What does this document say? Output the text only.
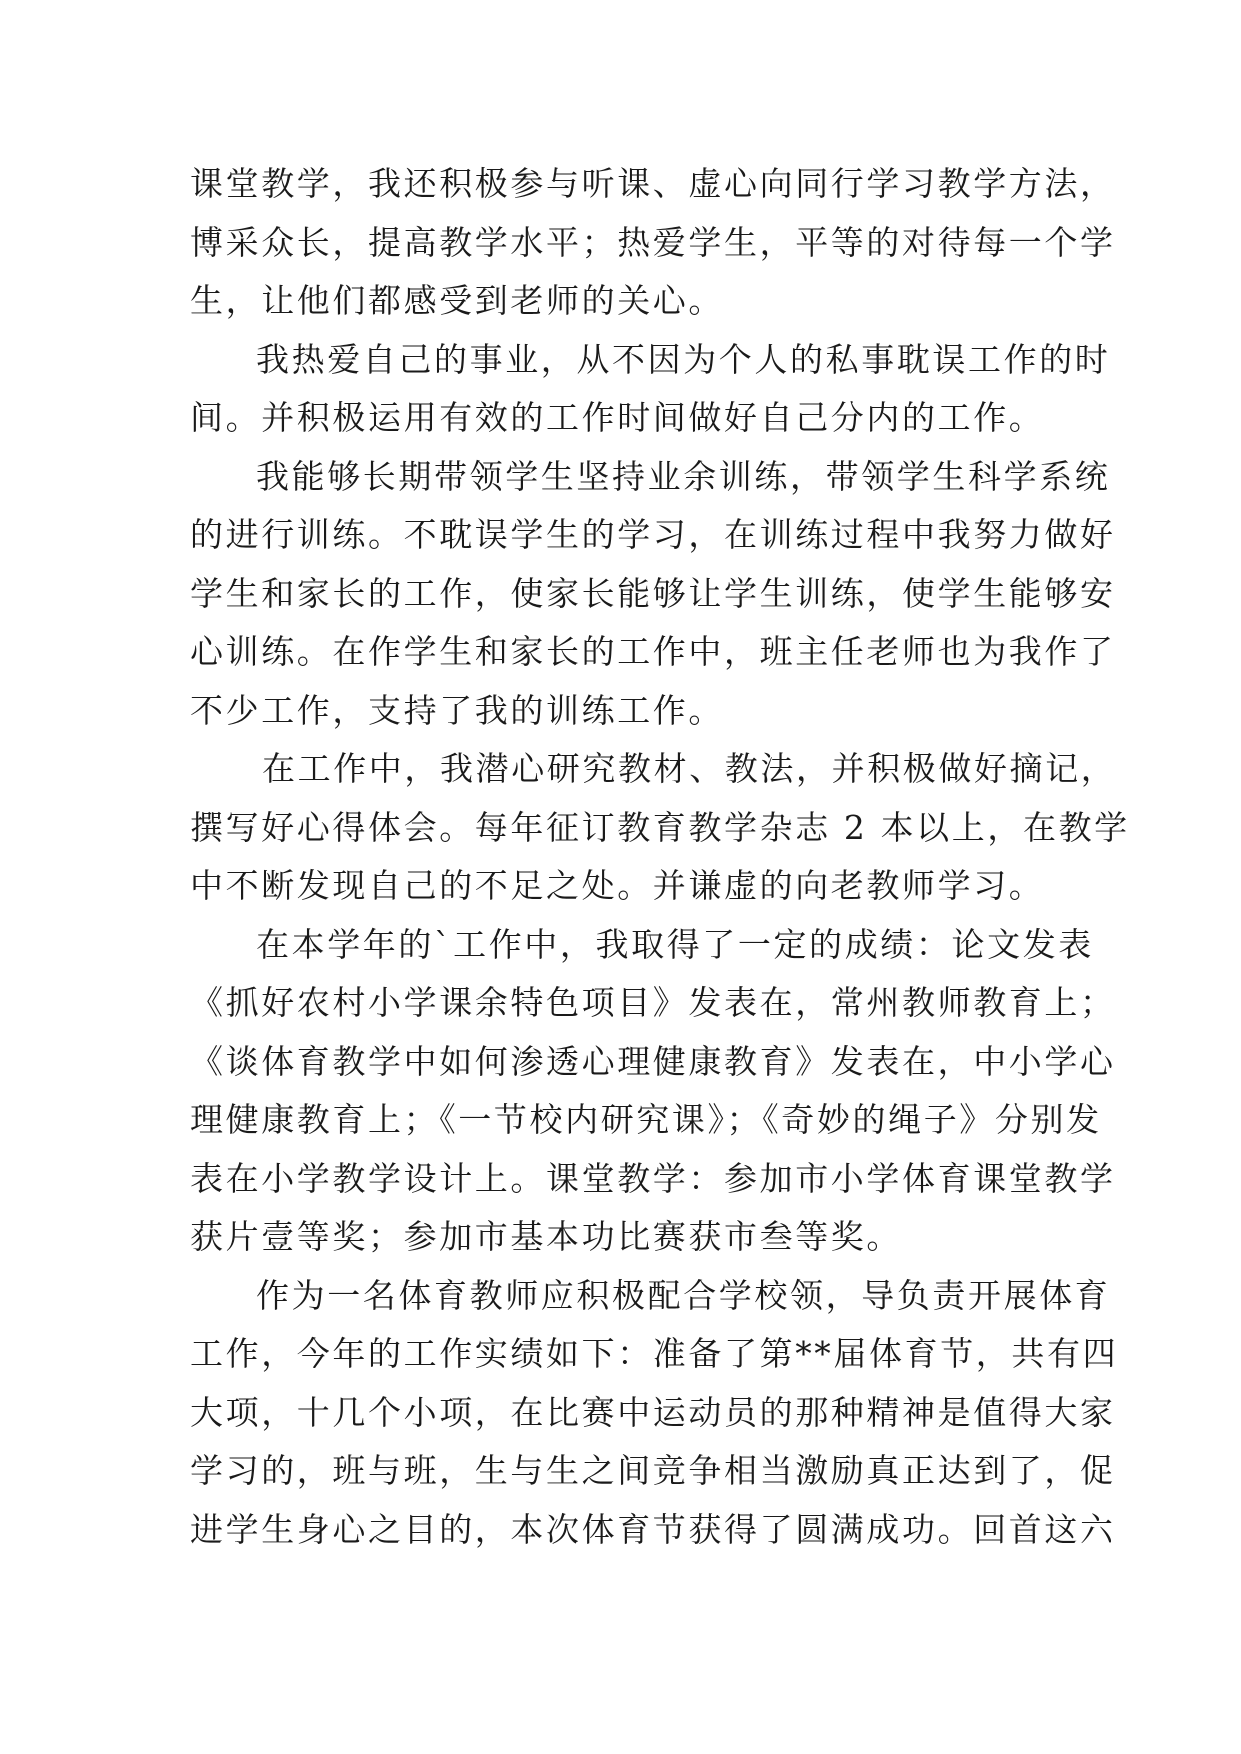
课堂教学，我还积极参与听课、虚心向同行学习教学方法，
博采众长，提高教学水平；热爱学生，平等的对待每一个学
生，让他们都感受到老师的关心。
我热爱自己的事业，从不因为个人的私事耽误工作的时
间。并积极运用有效的工作时间做好自己分内的工作。
我能够长期带领学生坚持业余训练，带领学生科学系统
的进行训练。不耽误学生的学习，在训练过程中我努力做好
学生和家长的工作，使家长能够让学生训练，使学生能够安
心训练。在作学生和家长的工作中，班主任老师也为我作了
不少工作，支持了我的训练工作。
在工作中，我潜心研究教材、教法，并积极做好摘记，
撰写好心得体会。每年征订教育教学杂志 2 本以上，在教学
中不断发现自己的不足之处。并谦虚的向老教师学习。
在本学年的`工作中，我取得了一定的成绩：论文发表
《抓好农村小学课余特色项目》发表在，常州教师教育上；
《谈体育教学中如何渗透心理健康教育》发表在，中小学心
理健康教育上；《一节校内研究课》；《奇妙的绳子》分别发
表在小学教学设计上。课堂教学：参加市小学体育课堂教学
获片壹等奖；参加市基本功比赛获市叁等奖。
作为一名体育教师应积极配合学校领，导负责开展体育
工作，今年的工作实绩如下：准备了第**届体育节，共有四
大项，十几个小项，在比赛中运动员的那种精神是值得大家
学习的，班与班，生与生之间竞争相当激励真正达到了，促
进学生身心之目的，本次体育节获得了圆满成功。回首这六
